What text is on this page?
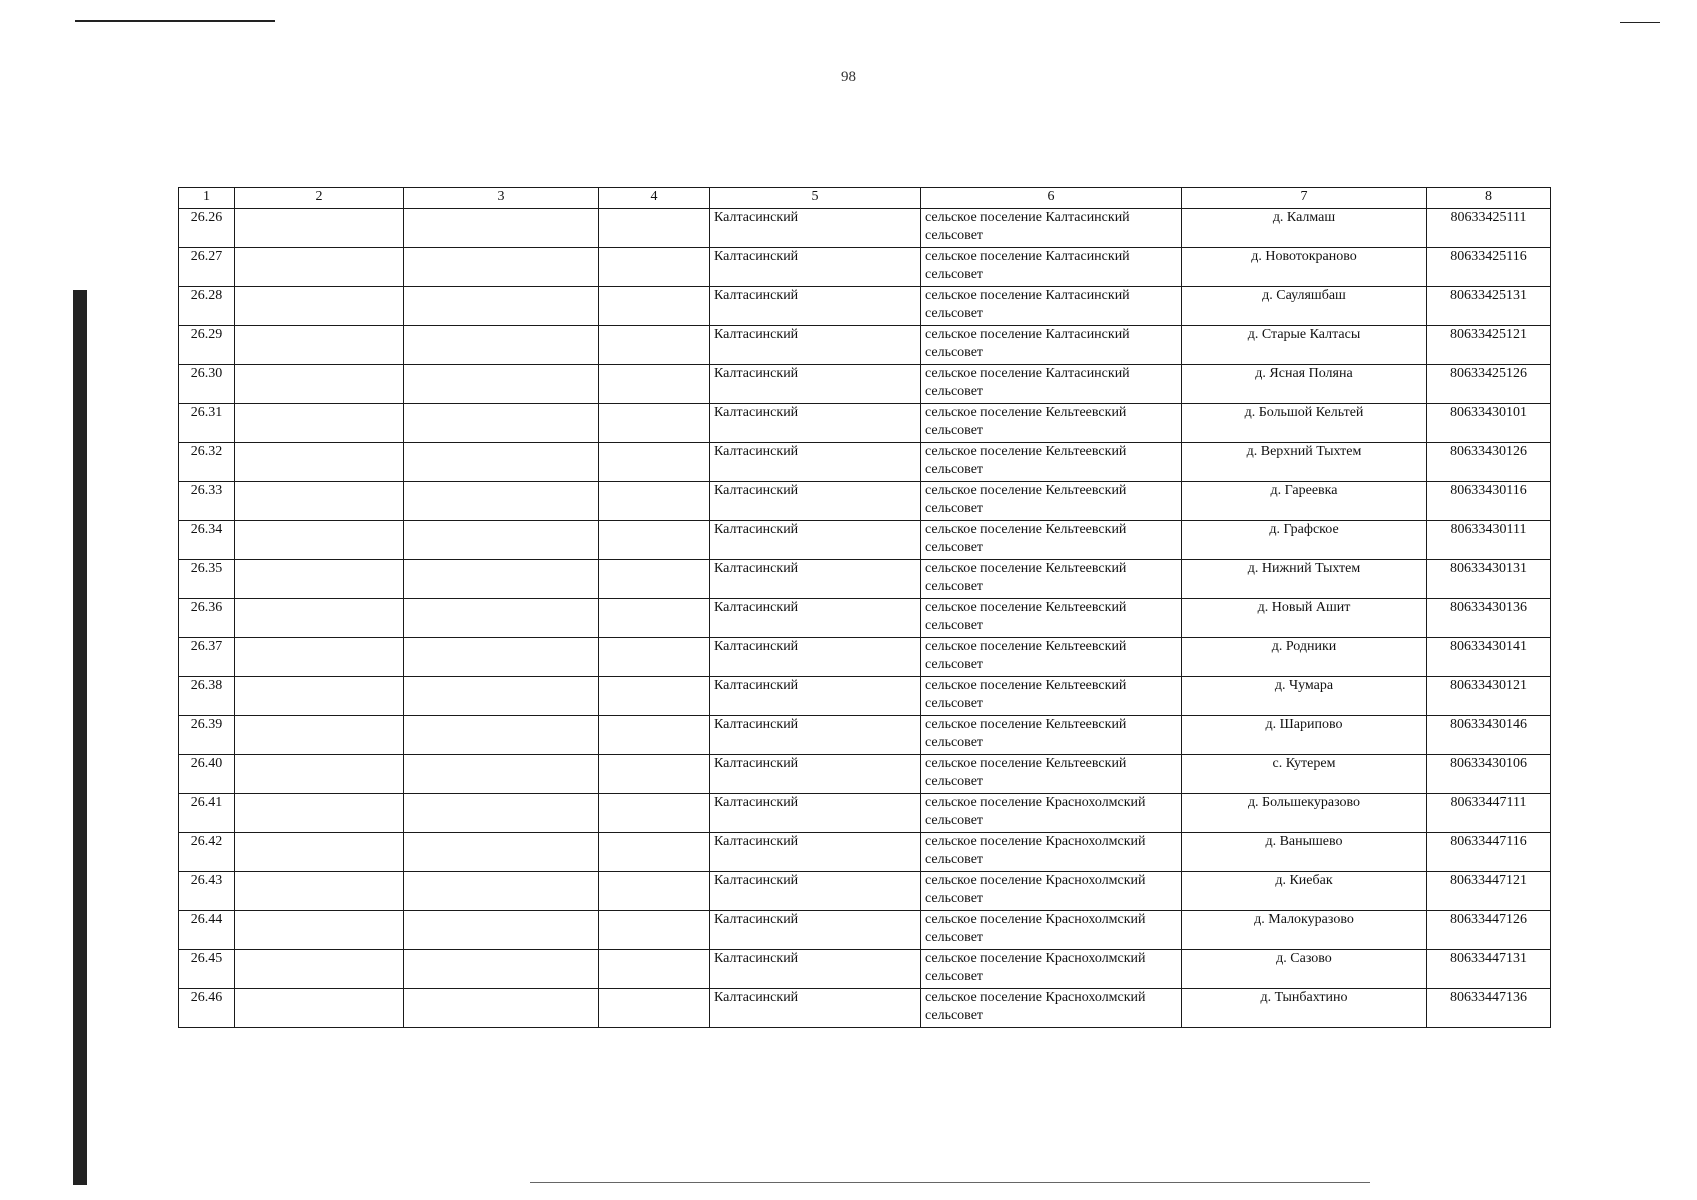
98
1	2	3	4	5	6	7	8
26.26				Калтасинский	сельское поселение Калтасинский сельсовет	д. Калмаш	80633425111
26.27				Калтасинский	сельское поселение Калтасинский сельсовет	д. Новотокраново	80633425116
26.28				Калтасинский	сельское поселение Калтасинский сельсовет	д. Сауляшбаш	80633425131
26.29				Калтасинский	сельское поселение Калтасинский сельсовет	д. Старые Калтасы	80633425121
26.30				Калтасинский	сельское поселение Калтасинский сельсовет	д. Ясная Поляна	80633425126
26.31				Калтасинский	сельское поселение Кельтеевский сельсовет	д. Большой Кельтей	80633430101
26.32				Калтасинский	сельское поселение Кельтеевский сельсовет	д. Верхний Тыхтем	80633430126
26.33				Калтасинский	сельское поселение Кельтеевский сельсовет	д. Гареевка	80633430116
26.34				Калтасинский	сельское поселение Кельтеевский сельсовет	д. Графское	80633430111
26.35				Калтасинский	сельское поселение Кельтеевский сельсовет	д. Нижний Тыхтем	80633430131
26.36				Калтасинский	сельское поселение Кельтеевский сельсовет	д. Новый Ашит	80633430136
26.37				Калтасинский	сельское поселение Кельтеевский сельсовет	д. Родники	80633430141
26.38				Калтасинский	сельское поселение Кельтеевский сельсовет	д. Чумара	80633430121
26.39				Калтасинский	сельское поселение Кельтеевский сельсовет	д. Шарипово	80633430146
26.40				Калтасинский	сельское поселение Кельтеевский сельсовет	с. Кутерем	80633430106
26.41				Калтасинский	сельское поселение Краснохолмский сельсовет	д. Большекуразово	80633447111
26.42				Калтасинский	сельское поселение Краснохолмский сельсовет	д. Ванышево	80633447116
26.43				Калтасинский	сельское поселение Краснохолмский сельсовет	д. Киебак	80633447121
26.44				Калтасинский	сельское поселение Краснохолмский сельсовет	д. Малокуразово	80633447126
26.45				Калтасинский	сельское поселение Краснохолмский сельсовет	д. Сазово	80633447131
26.46				Калтасинский	сельское поселение Краснохолмский сельсовет	д. Тынбахтино	80633447136
